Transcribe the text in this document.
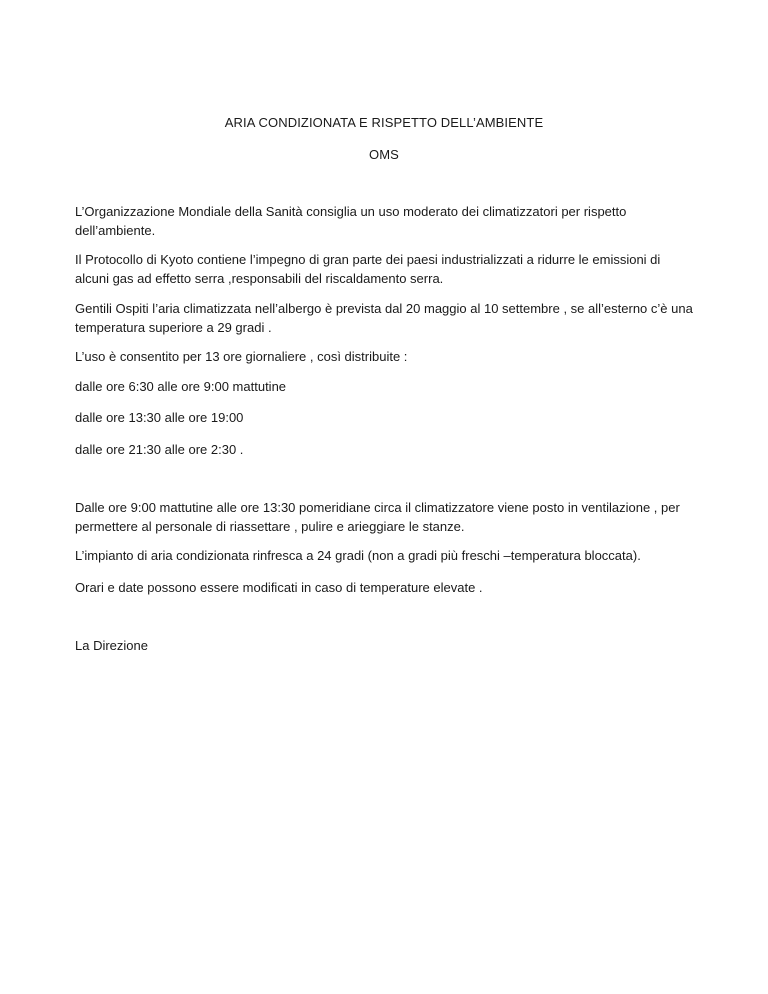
ARIA CONDIZIONATA E RISPETTO DELL’AMBIENTE
OMS

L’Organizzazione Mondiale della Sanità consiglia un uso moderato dei climatizzatori per rispetto dell’ambiente.

Il Protocollo di Kyoto contiene l’impegno di gran parte dei paesi industrializzati a ridurre le emissioni di alcuni gas ad effetto serra ,responsabili del riscaldamento serra.

Gentili Ospiti l’aria climatizzata nell’albergo è prevista dal 20 maggio al 10 settembre , se all’esterno c’è una temperatura superiore a 29 gradi .

L’uso è consentito per 13 ore giornaliere , così distribuite :

dalle ore 6:30 alle ore 9:00 mattutine

dalle ore 13:30 alle ore 19:00

dalle ore 21:30 alle ore 2:30 .

Dalle ore 9:00 mattutine alle ore 13:30 pomeridiane circa il climatizzatore viene posto in ventilazione , per permettere al personale di riassettare , pulire e arieggiare le stanze.

L’impianto di aria condizionata rinfresca a 24 gradi (non a gradi più freschi –temperatura bloccata).

Orari e date possono essere modificati in caso di temperature elevate .

La Direzione
